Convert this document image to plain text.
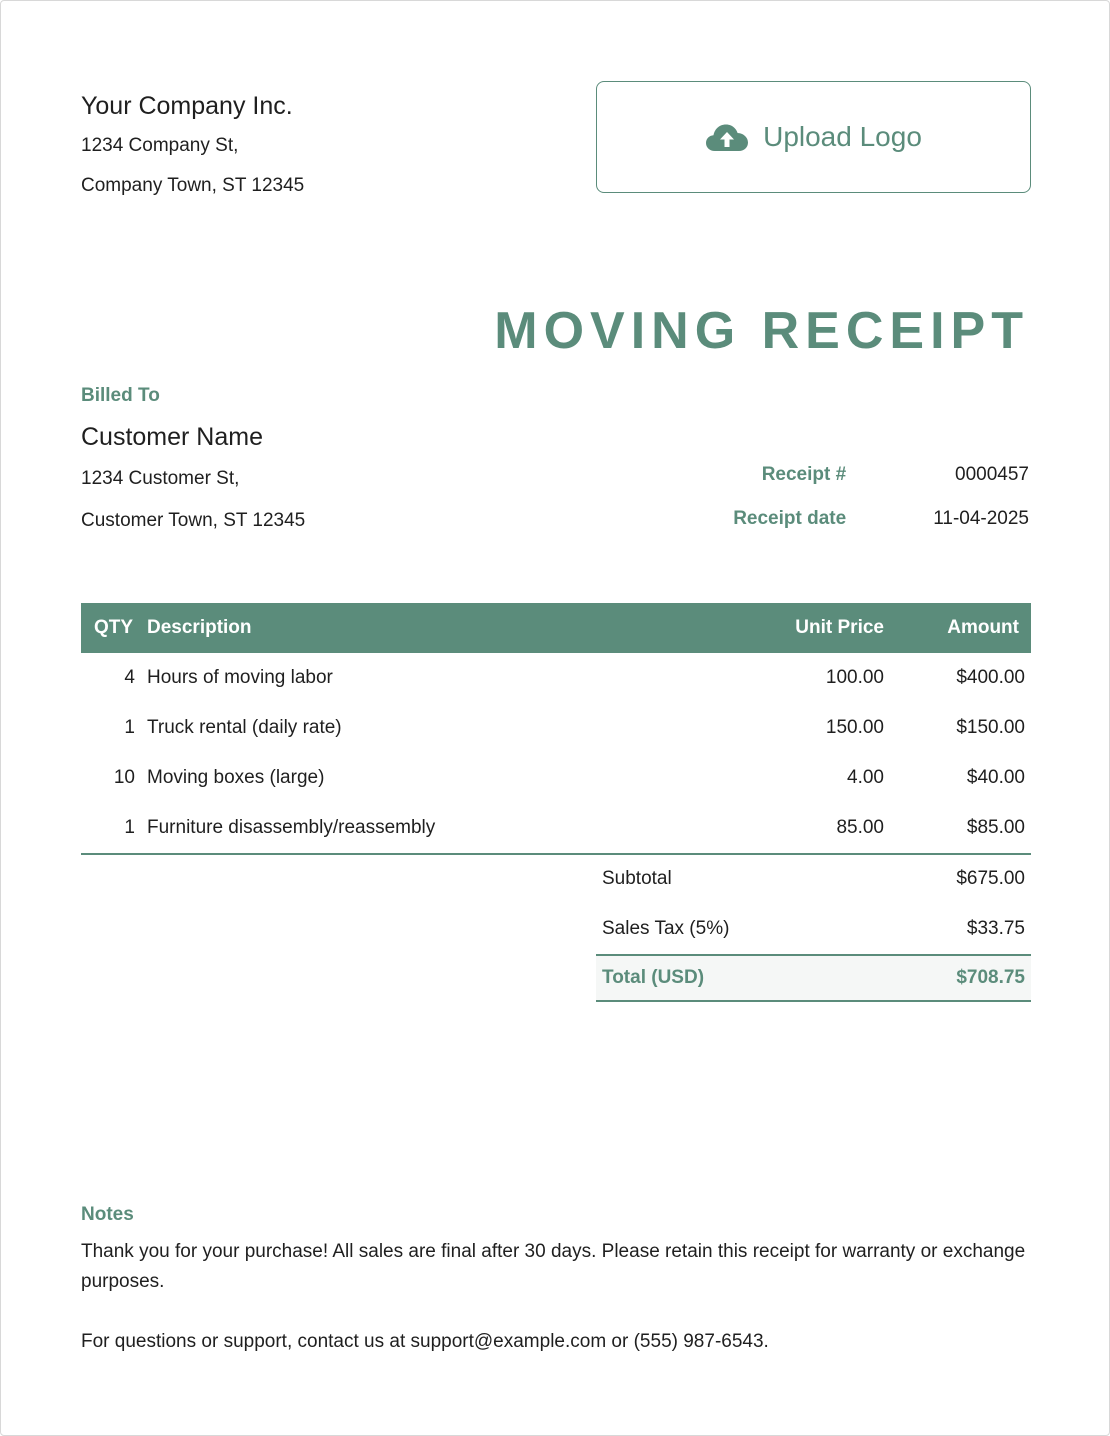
Your Company Inc.
1234 Company St,
Company Town, ST 12345
Upload Logo
MOVING RECEIPT
Billed To
Customer Name
1234 Customer St,
Customer Town, ST 12345
Receipt #	0000457
Receipt date	11-04-2025
QTY Description	Unit Price	Amount
4 Hours of moving labor	100.00	$400.00
1 Truck rental (daily rate)	150.00	$150.00
10 Moving boxes (large)	4.00	$40.00
1 Furniture disassembly/reassembly	85.00	$85.00
Subtotal	$675.00
Sales Tax (5%)	$33.75
Total (USD)	$708.75
Notes
Thank you for your purchase! All sales are final after 30 days. Please retain this receipt for warranty or exchange purposes.
For questions or support, contact us at support@example.com or (555) 987-6543.
